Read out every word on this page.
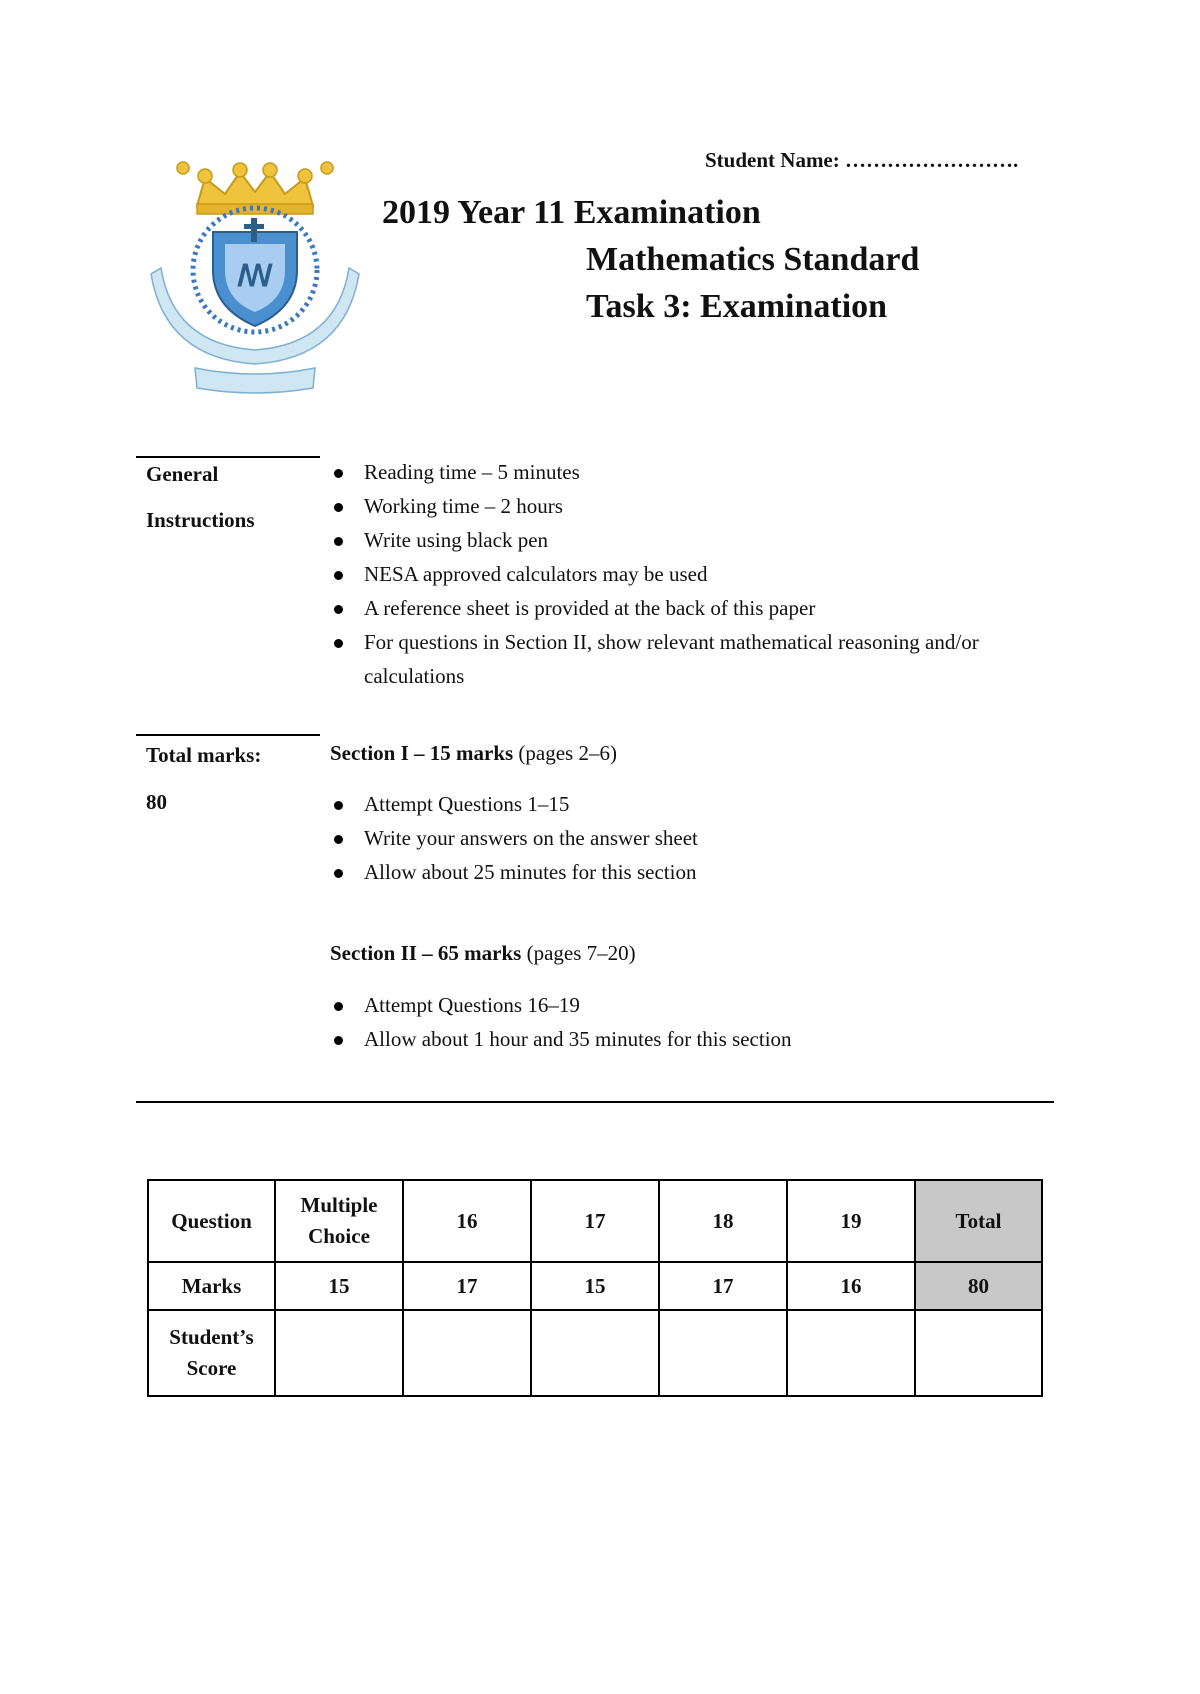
Student Name: …………………….
2019 Year 11 Examination
Mathematics Standard
Task 3: Examination
ꟿ
General
Instructions
Reading time – 5 minutes
Working time – 2 hours
Write using black pen
NESA approved calculators may be used
A reference sheet is provided at the back of this paper
For questions in Section II, show relevant mathematical reasoning and/or calculations
Total marks:
80
Section I – 15 marks (pages 2–6)
Attempt Questions 1–15
Write your answers on the answer sheet
Allow about 25 minutes for this section
Section II – 65 marks (pages 7–20)
Attempt Questions 16–19
Allow about 1 hour and 35 minutes for this section
Question	Multiple Choice	16	17	18	19	Total
Marks	15	17	15	17	16	80
Student’s Score						
